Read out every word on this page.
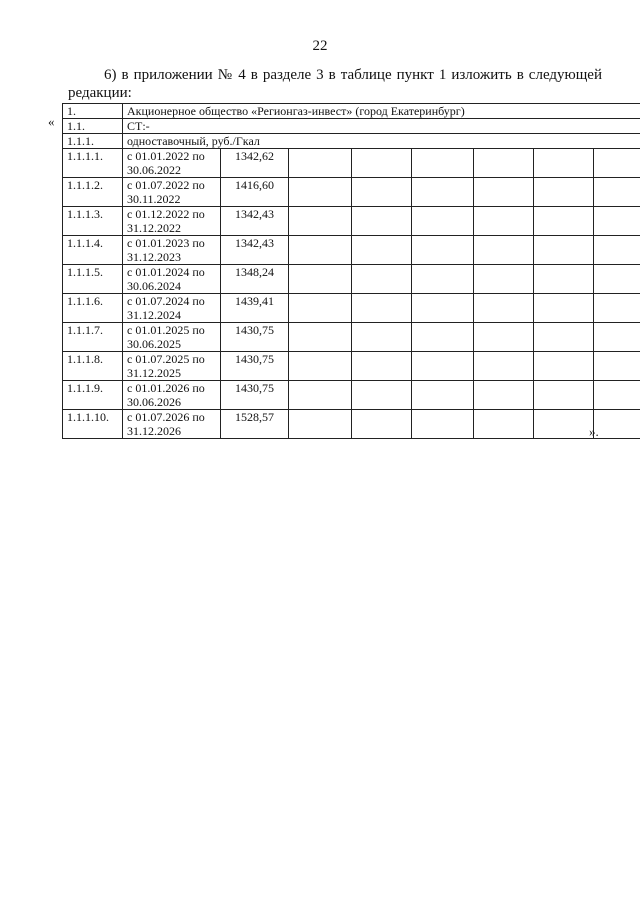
22
6) в приложении № 4 в разделе 3 в таблице пункт 1 изложить в следующей редакции:
«
1.	Акционерное общество «Регионгаз-инвест» (город Екатеринбург)							
1.1.	СТ:-							
1.1.1.	одноставочный, руб./Гкал							
1.1.1.1.	с 01.01.2022 по
30.06.2022	1342,62						
1.1.1.2.	с 01.07.2022 по
30.11.2022	1416,60						
1.1.1.3.	с 01.12.2022 по
31.12.2022	1342,43						
1.1.1.4.	с 01.01.2023 по
31.12.2023	1342,43						
1.1.1.5.	с 01.01.2024 по
30.06.2024	1348,24						
1.1.1.6.	с 01.07.2024 по
31.12.2024	1439,41						
1.1.1.7.	с 01.01.2025 по
30.06.2025	1430,75						
1.1.1.8.	с 01.07.2025 по
31.12.2025	1430,75						
1.1.1.9.	с 01.01.2026 по
30.06.2026	1430,75						
1.1.1.10.	с 01.07.2026 по
31.12.2026	1528,57						
».
